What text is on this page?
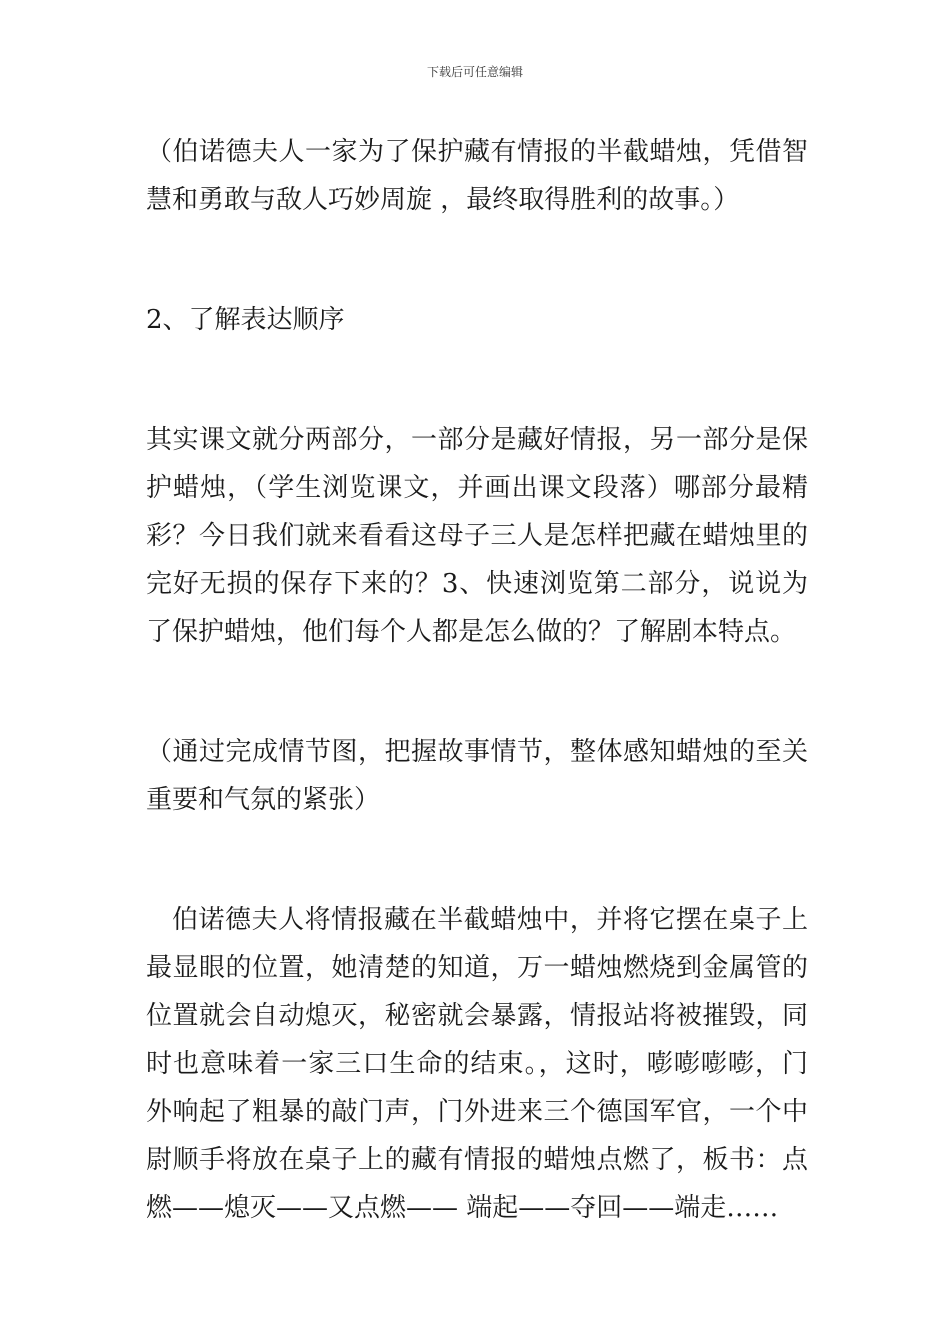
下载后可任意编辑

（伯诺德夫人一家为了保护藏有情报的半截蜡烛，凭借智慧和勇敢与敌人巧妙周旋 ，最终取得胜利的故事。）

2、了解表达顺序

其实课文就分两部分，一部分是藏好情报，另一部分是保护蜡烛，（学生浏览课文，并画出课文段落）哪部分最精彩？今日我们就来看看这母子三人是怎样把藏在蜡烛里的完好无损的保存下来的？3、快速浏览第二部分，说说为了保护蜡烛，他们每个人都是怎么做的？了解剧本特点。

（通过完成情节图，把握故事情节，整体感知蜡烛的至关重要和气氛的紧张）

伯诺德夫人将情报藏在半截蜡烛中，并将它摆在桌子上最显眼的位置，她清楚的知道，万一蜡烛燃烧到金属管的位置就会自动熄灭，秘密就会暴露，情报站将被摧毁，同时也意味着一家三口生命的结束。，这时，嘭嘭嘭嘭，门外响起了粗暴的敲门声，门外进来三个德国军官，一个中尉顺手将放在桌子上的藏有情报的蜡烛点燃了，板书：点燃——熄灭——又点燃—— 端起——夺回——端走……
